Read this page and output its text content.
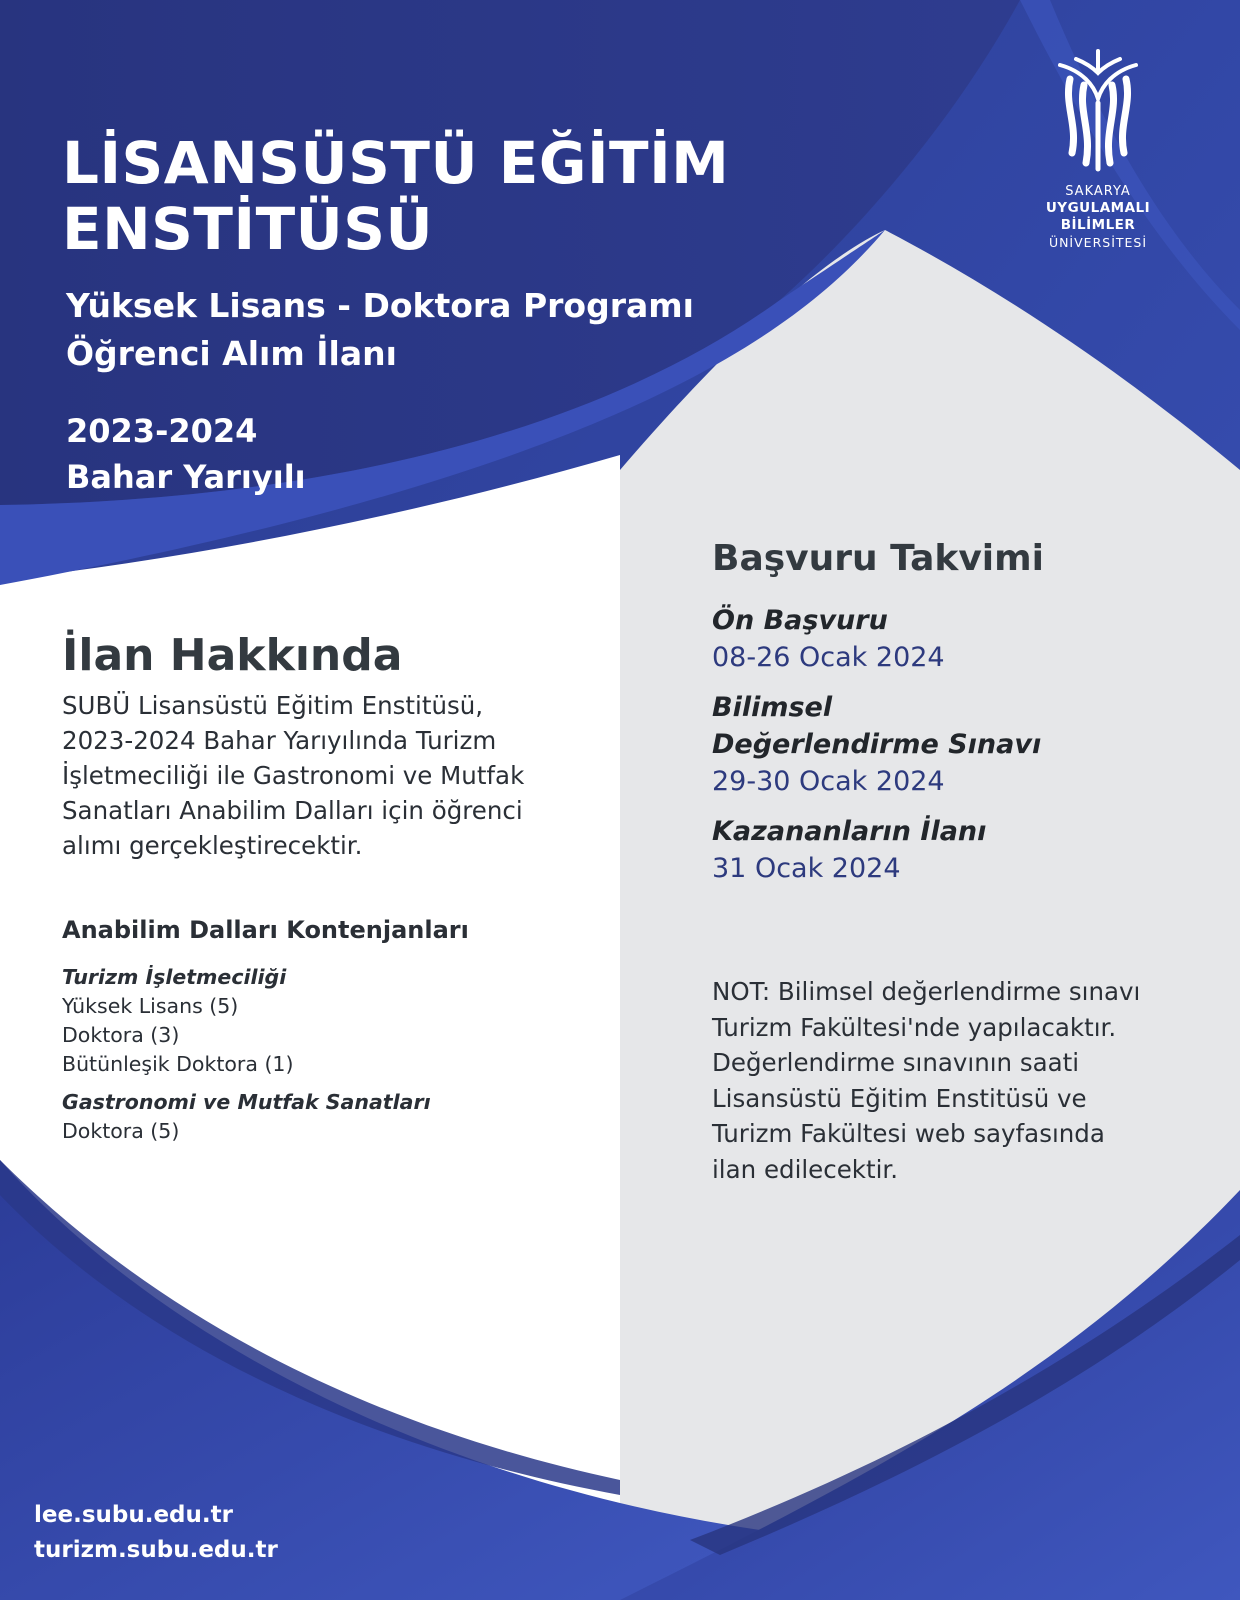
LİSANSÜSTÜ EĞİTİM
ENSTİTÜSÜ
Yüksek Lisans - Doktora Programı
Öğrenci Alım İlanı
2023-2024
Bahar Yarıyılı
SAKARYA
UYGULAMALI BİLİMLER
ÜNİVERSİTESİ
İlan Hakkında
SUBÜ Lisansüstü Eğitim Enstitüsü,
2023-2024 Bahar Yarıyılında Turizm
İşletmeciliği ile Gastronomi ve Mutfak
Sanatları Anabilim Dalları için öğrenci
alımı gerçekleştirecektir.
Anabilim Dalları Kontenjanları
Turizm İşletmeciliği
Yüksek Lisans (5)
Doktora (3)
Bütünleşik Doktora (1)
Gastronomi ve Mutfak Sanatları
Doktora (5)
Başvuru Takvimi
Ön Başvuru
08-26 Ocak 2024
Bilimsel
Değerlendirme Sınavı
29-30 Ocak 2024
Kazananların İlanı
31 Ocak 2024
NOT: Bilimsel değerlendirme sınavı
Turizm Fakültesi'nde yapılacaktır.
Değerlendirme sınavının saati
Lisansüstü Eğitim Enstitüsü ve
Turizm Fakültesi web sayfasında
ilan edilecektir.
lee.subu.edu.tr
turizm.subu.edu.tr
